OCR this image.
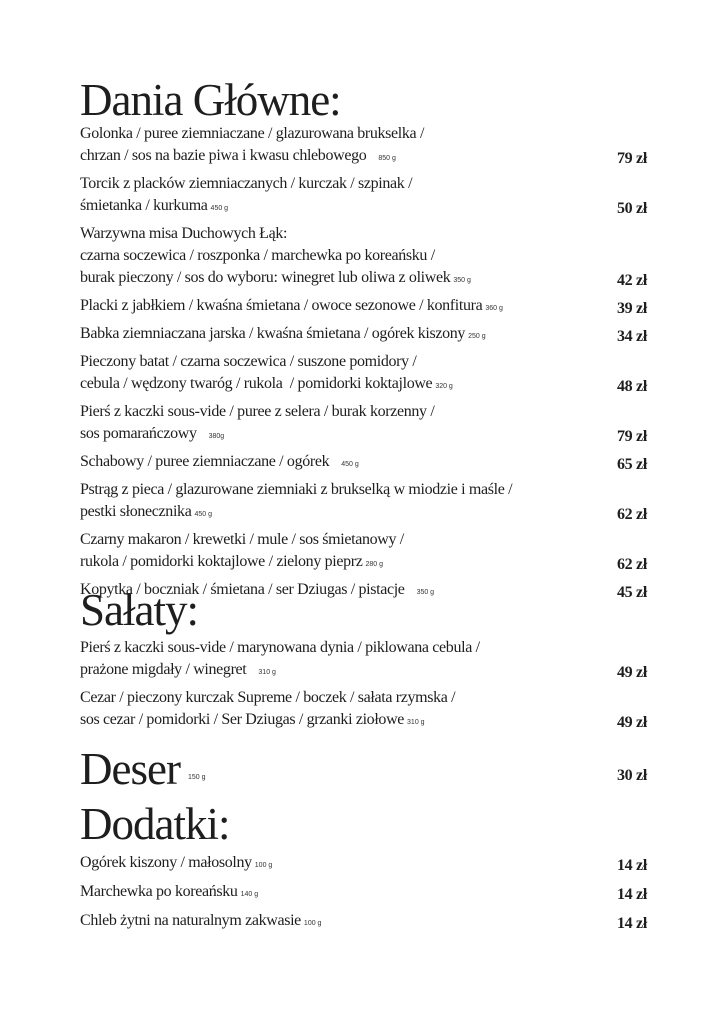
Dania Główne:
Golonka / puree ziemniaczane / glazurowana brukselka /
chrzan / sos na bazie piwa i kwasu chlebowego 850 g	79 zł
Torcik z placków ziemniaczanych / kurczak / szpinak /
śmietanka / kurkuma 450 g	50 zł
Warzywna misa Duchowych Łąk:
czarna soczewica / roszponka / marchewka po koreańsku /
burak pieczony / sos do wyboru: winegret lub oliwa z oliwek 350 g	42 zł
Placki z jabłkiem / kwaśna śmietana / owoce sezonowe / konfitura 360 g	39 zł
Babka ziemniaczana jarska / kwaśna śmietana / ogórek kiszony 250 g	34 zł
Pieczony batat / czarna soczewica / suszone pomidory /
cebula / wędzony twaróg / rukola  / pomidorki koktajlowe 320 g	48 zł
Pierś z kaczki sous-vide / puree z selera / burak korzenny /
sos pomarańczowy 380g	79 zł
Schabowy / puree ziemniaczane / ogórek 450 g	65 zł
Pstrąg z pieca / glazurowane ziemniaki z brukselką w miodzie i maśle /
pestki słonecznika 450 g	62 zł
Czarny makaron / krewetki / mule / sos śmietanowy /
rukola / pomidorki koktajlowe / zielony pieprz 280 g	62 zł
Kopytka / boczniak / śmietana / ser Dziugas / pistacje 350 g	45 zł
Sałaty:
Pierś z kaczki sous-vide / marynowana dynia / piklowana cebula /
prażone migdały / winegret 310 g	49 zł
Cezar / pieczony kurczak Supreme / boczek / sałata rzymska /
sos cezar / pomidorki / Ser Dziugas / grzanki ziołowe 310 g	49 zł
Deser 150 g	30 zł
Dodatki:
Ogórek kiszony / małosolny 100 g	14 zł
Marchewka po koreańsku 140 g	14 zł
Chleb żytni na naturalnym zakwasie 100 g	14 zł
